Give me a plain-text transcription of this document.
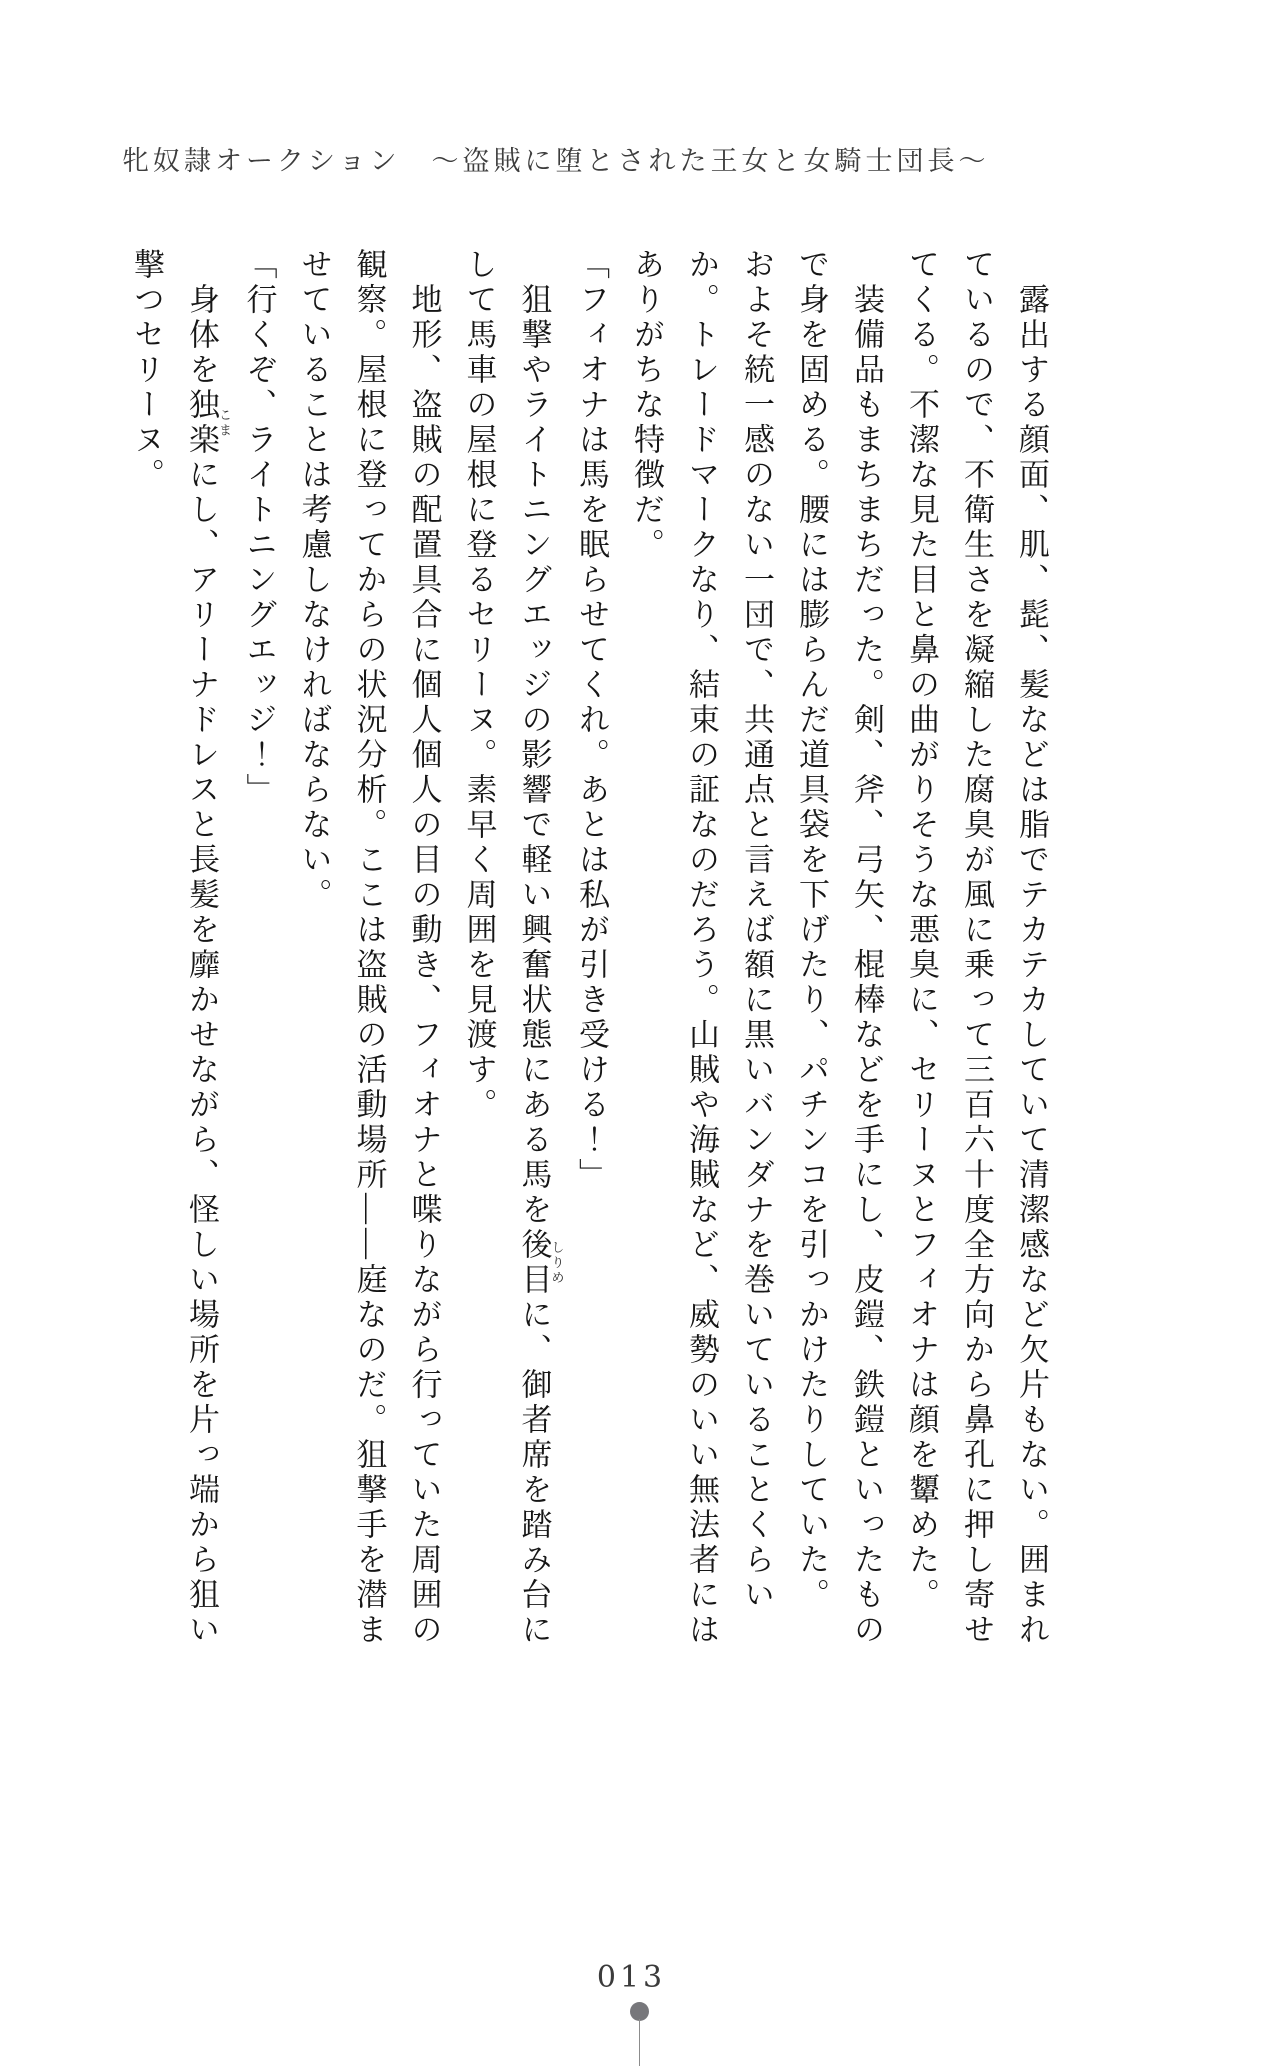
牝奴隷オークション　～盗賊に堕とされた王女と女騎士団長～
露出する顔面、肌、髭、髪などは脂でテカテカしていて清潔感など欠片もない。囲まれ
ているので、不衛生さを凝縮した腐臭が風に乗って三百六十度全方向から鼻孔に押し寄せ
てくる。不潔な見た目と鼻の曲がりそうな悪臭に、セリーヌとフィオナは顔を顰めた。
装備品もまちまちだった。剣、斧、弓矢、棍棒などを手にし、皮鎧、鉄鎧といったもの
で身を固める。腰には膨らんだ道具袋を下げたり、パチンコを引っかけたりしていた。
およそ統一感のない一団で、共通点と言えば額に黒いバンダナを巻いていることくらい
か。トレードマークなり、結束の証なのだろう。山賊や海賊など、威勢のいい無法者には
ありがちな特徴だ。
「フィオナは馬を眠らせてくれ。あとは私が引き受ける！」
狙撃やライトニングエッジの影響で軽い興奮状態にある馬を後目しりめに、御者席を踏み台に
して馬車の屋根に登るセリーヌ。素早く周囲を見渡す。
地形、盗賊の配置具合に個人個人の目の動き、フィオナと喋りながら行っていた周囲の
観察。屋根に登ってからの状況分析。ここは盗賊の活動場所――庭なのだ。狙撃手を潜ま
せていることは考慮しなければならない。
「行くぞ、ライトニングエッジ！」
身体を独楽こまにし、アリーナドレスと長髪を靡かせながら、怪しい場所を片っ端から狙い
撃つセリーヌ。
013
